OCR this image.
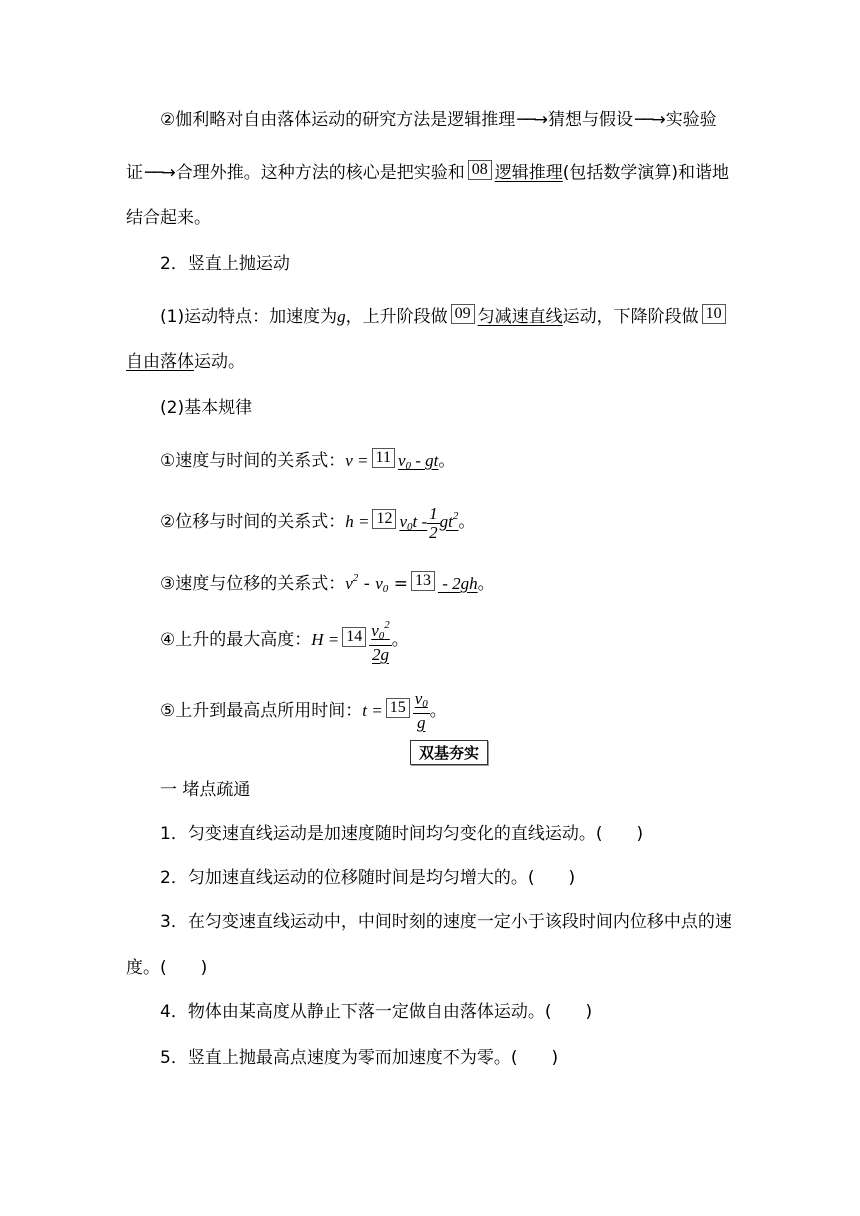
②伽利略对自由落体运动的研究方法是逻辑推理 ──→ 猜想与假设 ──→ 实验验
证 ──→ 合理外推。这种方法的核心是把实验和 08 逻辑推理(包括数学演算)和谐地
结合起来。
2．竖直上抛运动
(1)运动特点：加速度为g，上升阶段做 09 匀减速直线运动，下降阶段做 10
自由落体运动。
(2)基本规律
①速度与时间的关系式：v = 11 $v_0$ - gt。
②位移与时间的关系式：h = 12 $v_0t - \frac{1}{2} gt^2$。
③速度与位移的关系式：$v^2 - v_0 = 13 - 2gh$。
④上升的最大高度：$H = 14 \frac{v_0^2}{2g}$ 。
⑤上升到最高点所用时间：$t = 15 \frac{v_0}{g}$ 。
双基夯实
一 堵点疏通
1．匀变速直线运动是加速度随时间均匀变化的直线运动。(　　)
2．匀加速直线运动的位移随时间是均匀增大的。(　　)
3．在匀变速直线运动中，中间时刻的速度一定小于该段时间内位移中点的速
度。(　　)
4．物体由某高度从静止下落一定做自由落体运动。(　　)
5．竖直上抛最高点速度为零而加速度不为零。(　　)
